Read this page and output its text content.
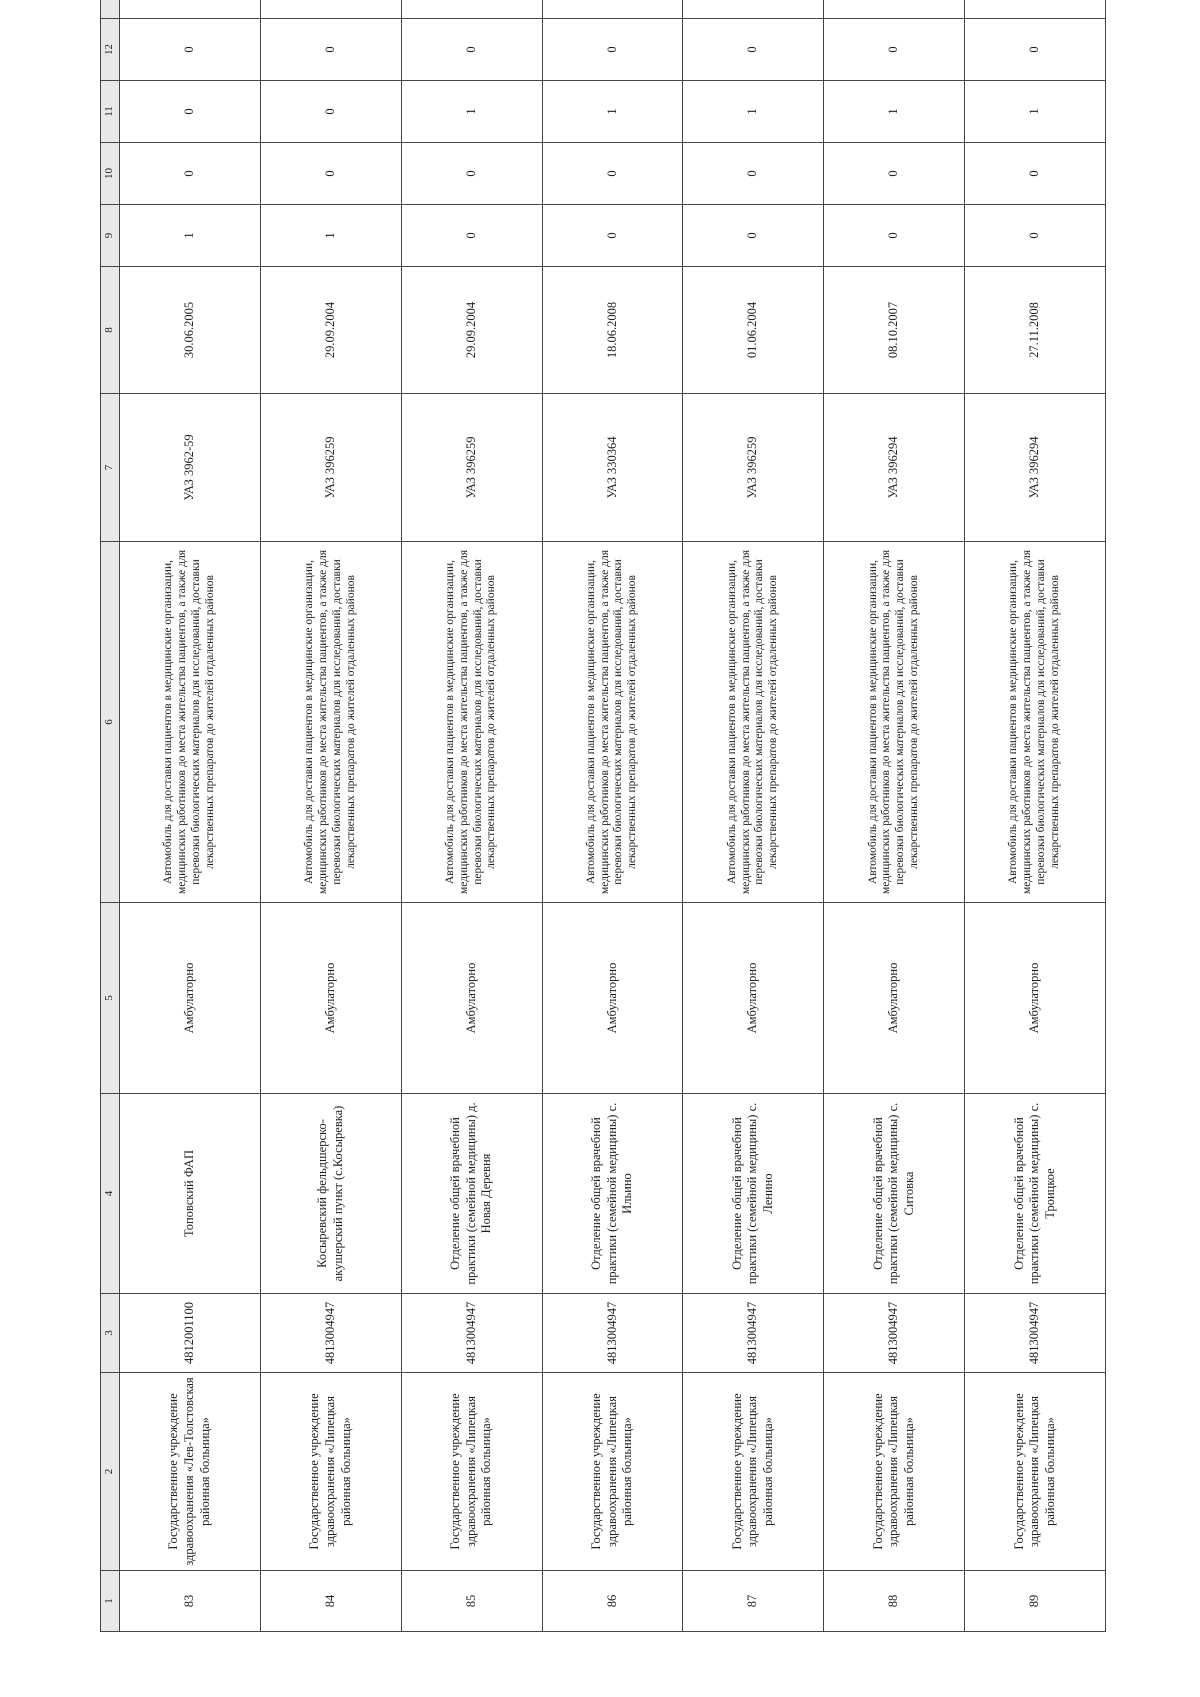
1	2	3	4	5	6	7	8	9	10	11	12	
83	Государственное учреждение здравоохранения «Лев-Толстовская районная больница»	4812001100	Топовский ФАП	Амбулаторно	Автомобиль для доставки пациентов в медицинские организации, медицинских работников до места жительства пациентов, а также для перевозки биологических материалов для исследований, доставки лекарственных препаратов до жителей отдаленных районов	УАЗ 3962-59	30.06.2005	1	0	0	0	
84	Государственное учреждение здравоохранения «Липецкая районная больница»	4813004947	Косыревский фельдшерско-акушерский пункт (с.Косыревка)	Амбулаторно	Автомобиль для доставки пациентов в медицинские организации, медицинских работников до места жительства пациентов, а также для перевозки биологических материалов для исследований, доставки лекарственных препаратов до жителей отдаленных районов	УАЗ 396259	29.09.2004	1	0	0	0	
85	Государственное учреждение здравоохранения «Липецкая районная больница»	4813004947	Отделение общей врачебной практики (семейной медицины) д. Новая Деревня	Амбулаторно	Автомобиль для доставки пациентов в медицинские организации, медицинских работников до места жительства пациентов, а также для перевозки биологических материалов для исследований, доставки лекарственных препаратов до жителей отдаленных районов	УАЗ 396259	29.09.2004	0	0	1	0	
86	Государственное учреждение здравоохранения «Липецкая районная больница»	4813004947	Отделение общей врачебной практики (семейной медицины) с. Ильино	Амбулаторно	Автомобиль для доставки пациентов в медицинские организации, медицинских работников до места жительства пациентов, а также для перевозки биологических материалов для исследований, доставки лекарственных препаратов до жителей отдаленных районов	УАЗ 330364	18.06.2008	0	0	1	0	
87	Государственное учреждение здравоохранения «Липецкая районная больница»	4813004947	Отделение общей врачебной практики (семейной медицины) с. Ленино	Амбулаторно	Автомобиль для доставки пациентов в медицинские организации, медицинских работников до места жительства пациентов, а также для перевозки биологических материалов для исследований, доставки лекарственных препаратов до жителей отдаленных районов	УАЗ 396259	01.06.2004	0	0	1	0	
88	Государственное учреждение здравоохранения «Липецкая районная больница»	4813004947	Отделение общей врачебной практики (семейной медицины) с. Ситовка	Амбулаторно	Автомобиль для доставки пациентов в медицинские организации, медицинских работников до места жительства пациентов, а также для перевозки биологических материалов для исследований, доставки лекарственных препаратов до жителей отдаленных районов	УАЗ 396294	08.10.2007	0	0	1	0	
89	Государственное учреждение здравоохранения «Липецкая районная больница»	4813004947	Отделение общей врачебной практики (семейной медицины) с. Троицкое	Амбулаторно	Автомобиль для доставки пациентов в медицинские организации, медицинских работников до места жительства пациентов, а также для перевозки биологических материалов для исследований, доставки лекарственных препаратов до жителей отдаленных районов	УАЗ 396294	27.11.2008	0	0	1	0	
